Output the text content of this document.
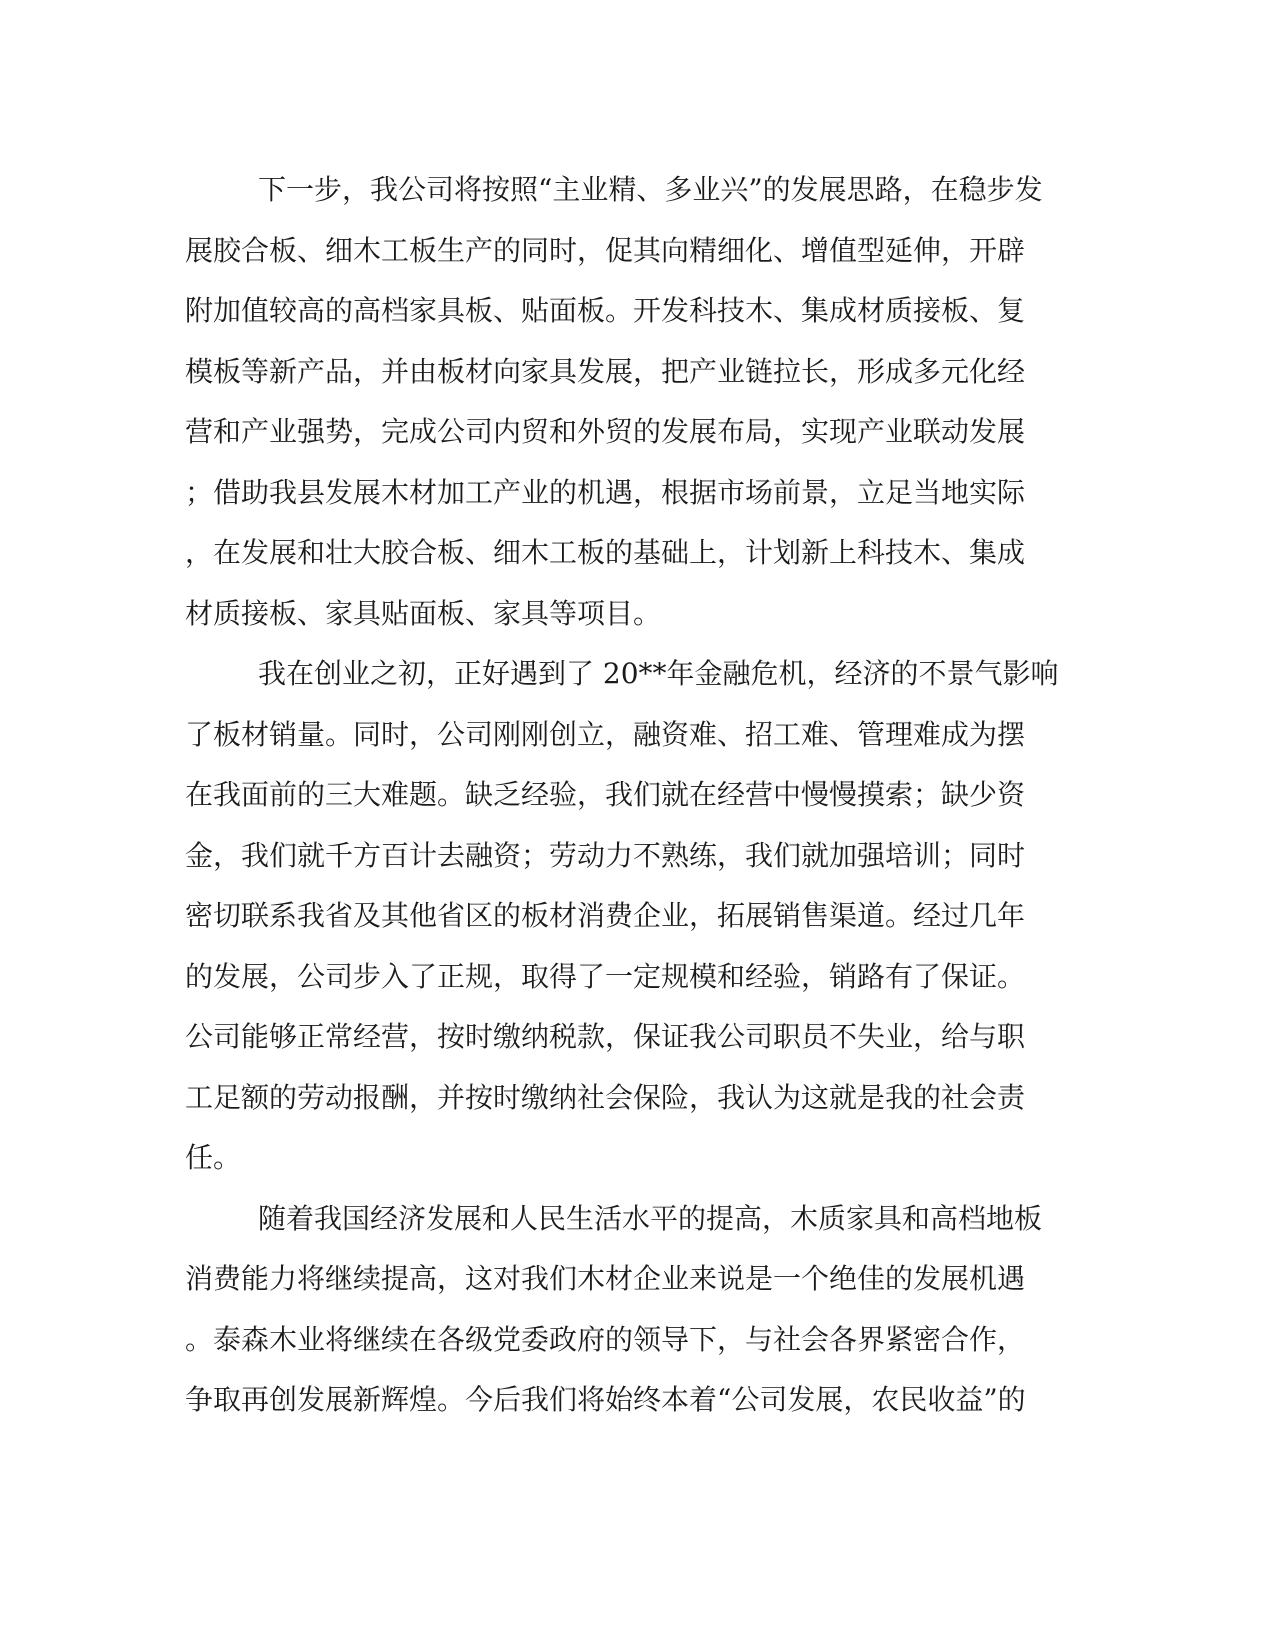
下一步，我公司将按照“主业精、多业兴”的发展思路，在稳步发
展胶合板、细木工板生产的同时，促其向精细化、增值型延伸，开辟
附加值较高的高档家具板、贴面板。开发科技木、集成材质接板、复
模板等新产品，并由板材向家具发展，把产业链拉长，形成多元化经
营和产业强势，完成公司内贸和外贸的发展布局，实现产业联动发展
；借助我县发展木材加工产业的机遇，根据市场前景，立足当地实际
，在发展和壮大胶合板、细木工板的基础上，计划新上科技木、集成
材质接板、家具贴面板、家具等项目。
我在创业之初，正好遇到了 20**年金融危机，经济的不景气影响
了板材销量。同时，公司刚刚创立，融资难、招工难、管理难成为摆
在我面前的三大难题。缺乏经验，我们就在经营中慢慢摸索；缺少资
金，我们就千方百计去融资；劳动力不熟练，我们就加强培训；同时
密切联系我省及其他省区的板材消费企业，拓展销售渠道。经过几年
的发展，公司步入了正规，取得了一定规模和经验，销路有了保证。
公司能够正常经营，按时缴纳税款，保证我公司职员不失业，给与职
工足额的劳动报酬，并按时缴纳社会保险，我认为这就是我的社会责
任。
随着我国经济发展和人民生活水平的提高，木质家具和高档地板
消费能力将继续提高，这对我们木材企业来说是一个绝佳的发展机遇
。泰森木业将继续在各级党委政府的领导下，与社会各界紧密合作，
争取再创发展新辉煌。今后我们将始终本着“公司发展，农民收益”的
